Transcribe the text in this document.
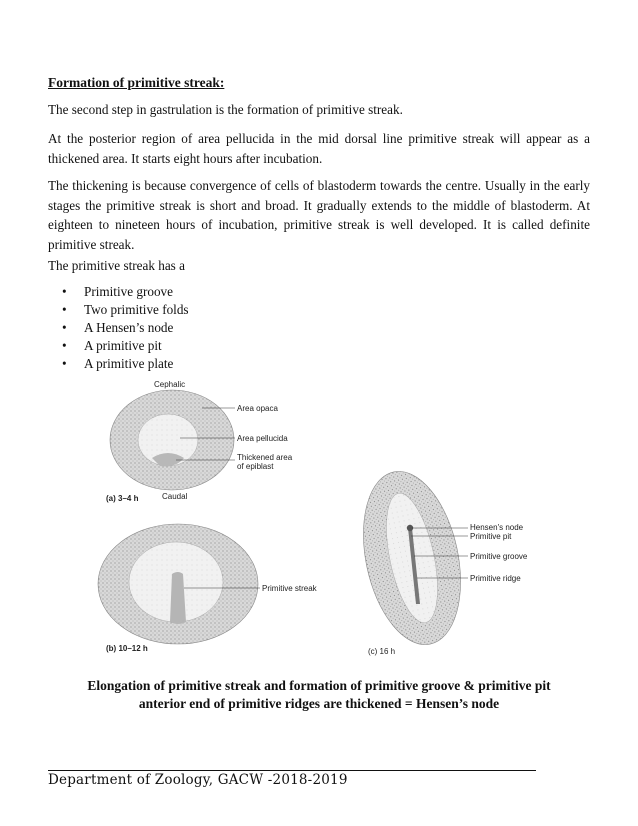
Formation of primitive streak:

The second step in gastrulation is the formation of primitive streak.

At the posterior region of area pellucida in the mid dorsal line primitive streak will appear as a thickened area. It starts eight hours after incubation.

The thickening is because convergence of cells of blastoderm towards the centre. Usually in the early stages the primitive streak is short and broad. It gradually extends to the middle of blastoderm. At eighteen to nineteen hours of incubation, primitive streak is well developed. It is called definite primitive streak.

The primitive streak has a

• Primitive groove
• Two primitive folds
• A Hensen’s node
• A primitive pit
• A primitive plate
Cephalic
Area opaca
Area pellucida
Thickened area
of epiblast
Caudal
(a) 3–4 h
Primitive streak
(b) 10–12 h
Hensen's node
Primitive pit
Primitive groove
Primitive ridge
(c) 16 h

Elongation of primitive streak and formation of primitive groove & primitive pit
anterior end of primitive ridges are thickened = Hensen’s node

Department of Zoology, GACW -2018-2019
